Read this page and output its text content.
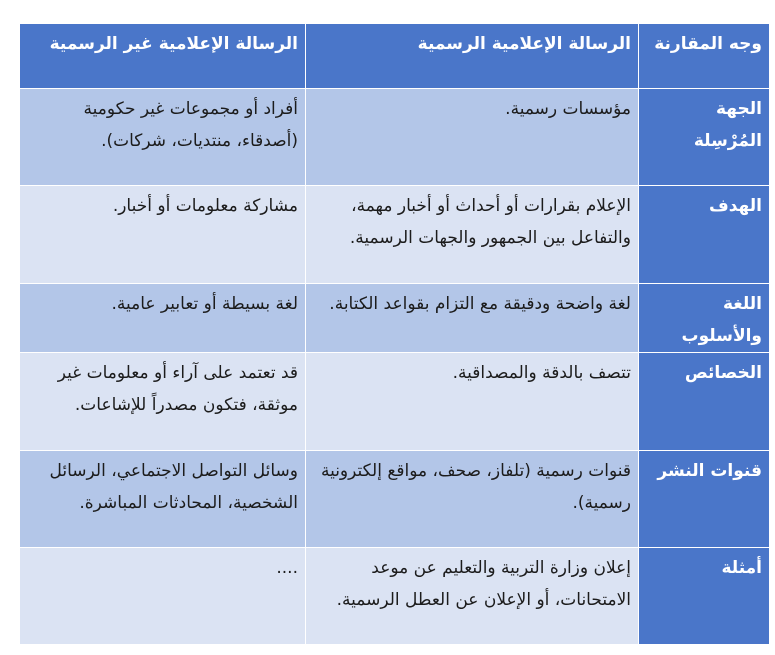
وجه المقارنة	الرسالة الإعلامية الرسمية	الرسالة الإعلامية غير الرسمية
الجهة المُرْسِلة	مؤسسات رسمية.	أفراد أو مجموعات غير حكومية (أصدقاء، منتديات، شركات).
الهدف	الإعلام بقرارات أو أحداث أو أخبار مهمة، والتفاعل بين الجمهور والجهات الرسمية.	مشاركة معلومات أو أخبار.
اللغة والأسلوب	لغة واضحة ودقيقة مع التزام بقواعد الكتابة.	لغة بسيطة أو تعابير عامية.
الخصائص	تتصف بالدقة والمصداقية.	قد تعتمد على آراء أو معلومات غير موثقة، فتكون مصدراً للإشاعات.
قنوات النشر	قنوات رسمية (تلفاز، صحف، مواقع إلكترونية رسمية).	وسائل التواصل الاجتماعي، الرسائل الشخصية، المحادثات المباشرة.
أمثلة	إعلان وزارة التربية والتعليم عن موعد الامتحانات، أو الإعلان عن العطل الرسمية.	....
